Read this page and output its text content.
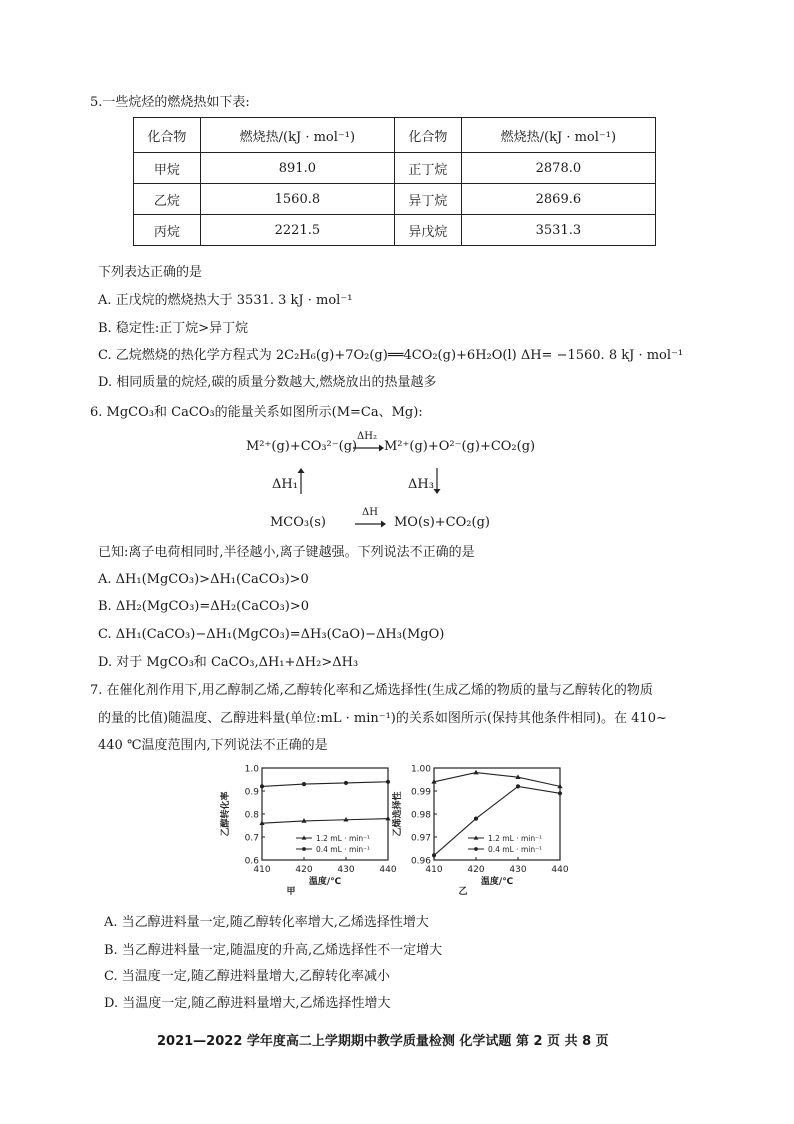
5.一些烷烃的燃烧热如下表:
化合物	燃烧热/(kJ · mol⁻¹)	化合物	燃烧热/(kJ · mol⁻¹)
甲烷	891.0	正丁烷	2878.0
乙烷	1560.8	异丁烷	2869.6
丙烷	2221.5	异戊烷	3531.3
下列表达正确的是
A. 正戊烷的燃烧热大于 3531. 3 kJ · mol⁻¹
B. 稳定性:正丁烷>异丁烷
C. 乙烷燃烧的热化学方程式为 2C₂H₆(g)+7O₂(g)══4CO₂(g)+6H₂O(l) ΔH= −1560. 8 kJ · mol⁻¹
D. 相同质量的烷烃,碳的质量分数越大,燃烧放出的热量越多
6. MgCO₃和 CaCO₃的能量关系如图所示(M=Ca、Mg):
M²⁺(g)+CO₃²⁻(g)
ΔH₂
M²⁺(g)+O²⁻(g)+CO₂(g)
ΔH₁	ΔH₃
MCO₃(s)
ΔH
MO(s)+CO₂(g)
已知:离子电荷相同时,半径越小,离子键越强。下列说法不正确的是
A. ΔH₁(MgCO₃)>ΔH₁(CaCO₃)>0
B. ΔH₂(MgCO₃)=ΔH₂(CaCO₃)>0
C. ΔH₁(CaCO₃)−ΔH₁(MgCO₃)=ΔH₃(CaO)−ΔH₃(MgO)
D. 对于 MgCO₃和 CaCO₃,ΔH₁+ΔH₂>ΔH₃
7. 在催化剂作用下,用乙醇制乙烯,乙醇转化率和乙烯选择性(生成乙烯的物质的量与乙醇转化的物质
的量的比值)随温度、乙醇进料量(单位:mL · min⁻¹)的关系如图所示(保持其他条件相同)。在 410~
440 ℃温度范围内,下列说法不正确的是
0.6
0.7
0.8
0.9
1.0
410	420	430	440
温度/℃
乙醇转化率
甲
1.2 mL · min⁻¹
0.4 mL · min⁻¹
0.96
0.97
0.98
0.99
1.00
410	420	430	440
温度/℃
乙烯选择性
乙
1.2 mL · min⁻¹
0.4 mL · min⁻¹
A. 当乙醇进料量一定,随乙醇转化率增大,乙烯选择性增大
B. 当乙醇进料量一定,随温度的升高,乙烯选择性不一定增大
C. 当温度一定,随乙醇进料量增大,乙醇转化率减小
D. 当温度一定,随乙醇进料量增大,乙烯选择性增大
2021—2022 学年度高二上学期期中教学质量检测 化学试题 第 2 页 共 8 页
